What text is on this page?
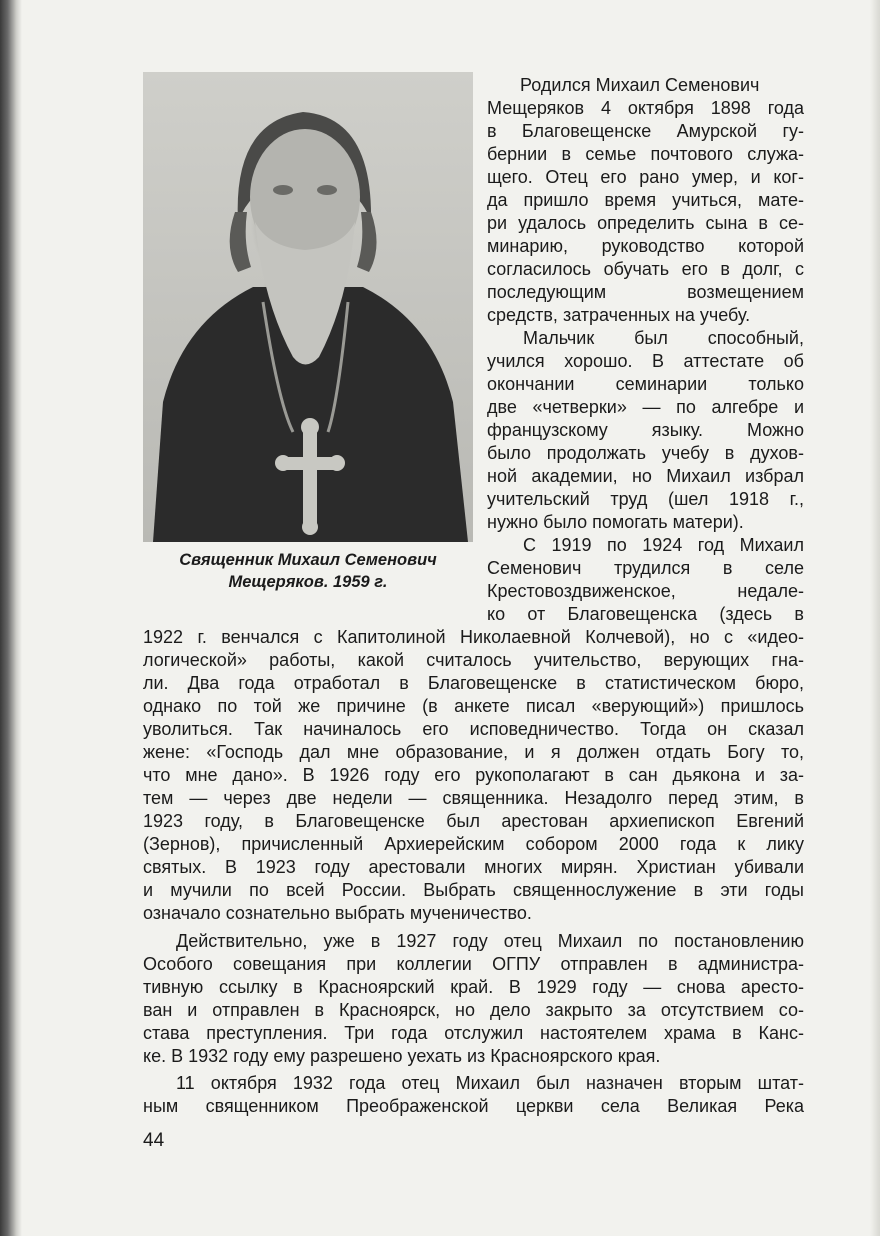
Священник Михаил Семенович
Мещеряков. 1959 г.
Родился Михаил Семенович
Мещеряков 4 октября 1898 года
в Благовещенске Амурской гу-
бернии в семье почтового служа-
щего. Отец его рано умер, и ког-
да пришло время учиться, мате-
ри удалось определить сына в се-
минарию, руководство которой
согласилось обучать его в долг, с
последующим возмещением
средств, затраченных на учебу.
Мальчик был способный,
учился хорошо. В аттестате об
окончании семинарии только
две «четверки» — по алгебре и
французскому языку. Можно
было продолжать учебу в духов-
ной академии, но Михаил избрал
учительский труд (шел 1918 г.,
нужно было помогать матери).
С 1919 по 1924 год Михаил
Семенович трудился в селе
Крестовоздвиженское, недале-
ко от Благовещенска (здесь в
1922 г. венчался с Капитолиной Николаевной Колчевой), но с «идео-
логической» работы, какой считалось учительство, верующих гна-
ли. Два года отработал в Благовещенске в статистическом бюро,
однако по той же причине (в анкете писал «верующий») пришлось
уволиться. Так начиналось его исповедничество. Тогда он сказал
жене: «Господь дал мне образование, и я должен отдать Богу то,
что мне дано». В 1926 году его рукополагают в сан дьякона и за-
тем — через две недели — священника. Незадолго перед этим, в
1923 году, в Благовещенске был арестован архиепископ Евгений
(Зернов), причисленный Архиерейским собором 2000 года к лику
святых. В 1923 году арестовали многих мирян. Христиан убивали
и мучили по всей России. Выбрать священнослужение в эти годы
означало сознательно выбрать мученичество.
Действительно, уже в 1927 году отец Михаил по постановлению
Особого совещания при коллегии ОГПУ отправлен в администра-
тивную ссылку в Красноярский край. В 1929 году — снова аресто-
ван и отправлен в Красноярск, но дело закрыто за отсутствием со-
става преступления. Три года отслужил настоятелем храма в Канс-
ке. В 1932 году ему разрешено уехать из Красноярского края.
11 октября 1932 года отец Михаил был назначен вторым штат-
ным священником Преображенской церкви села Великая Река
44
